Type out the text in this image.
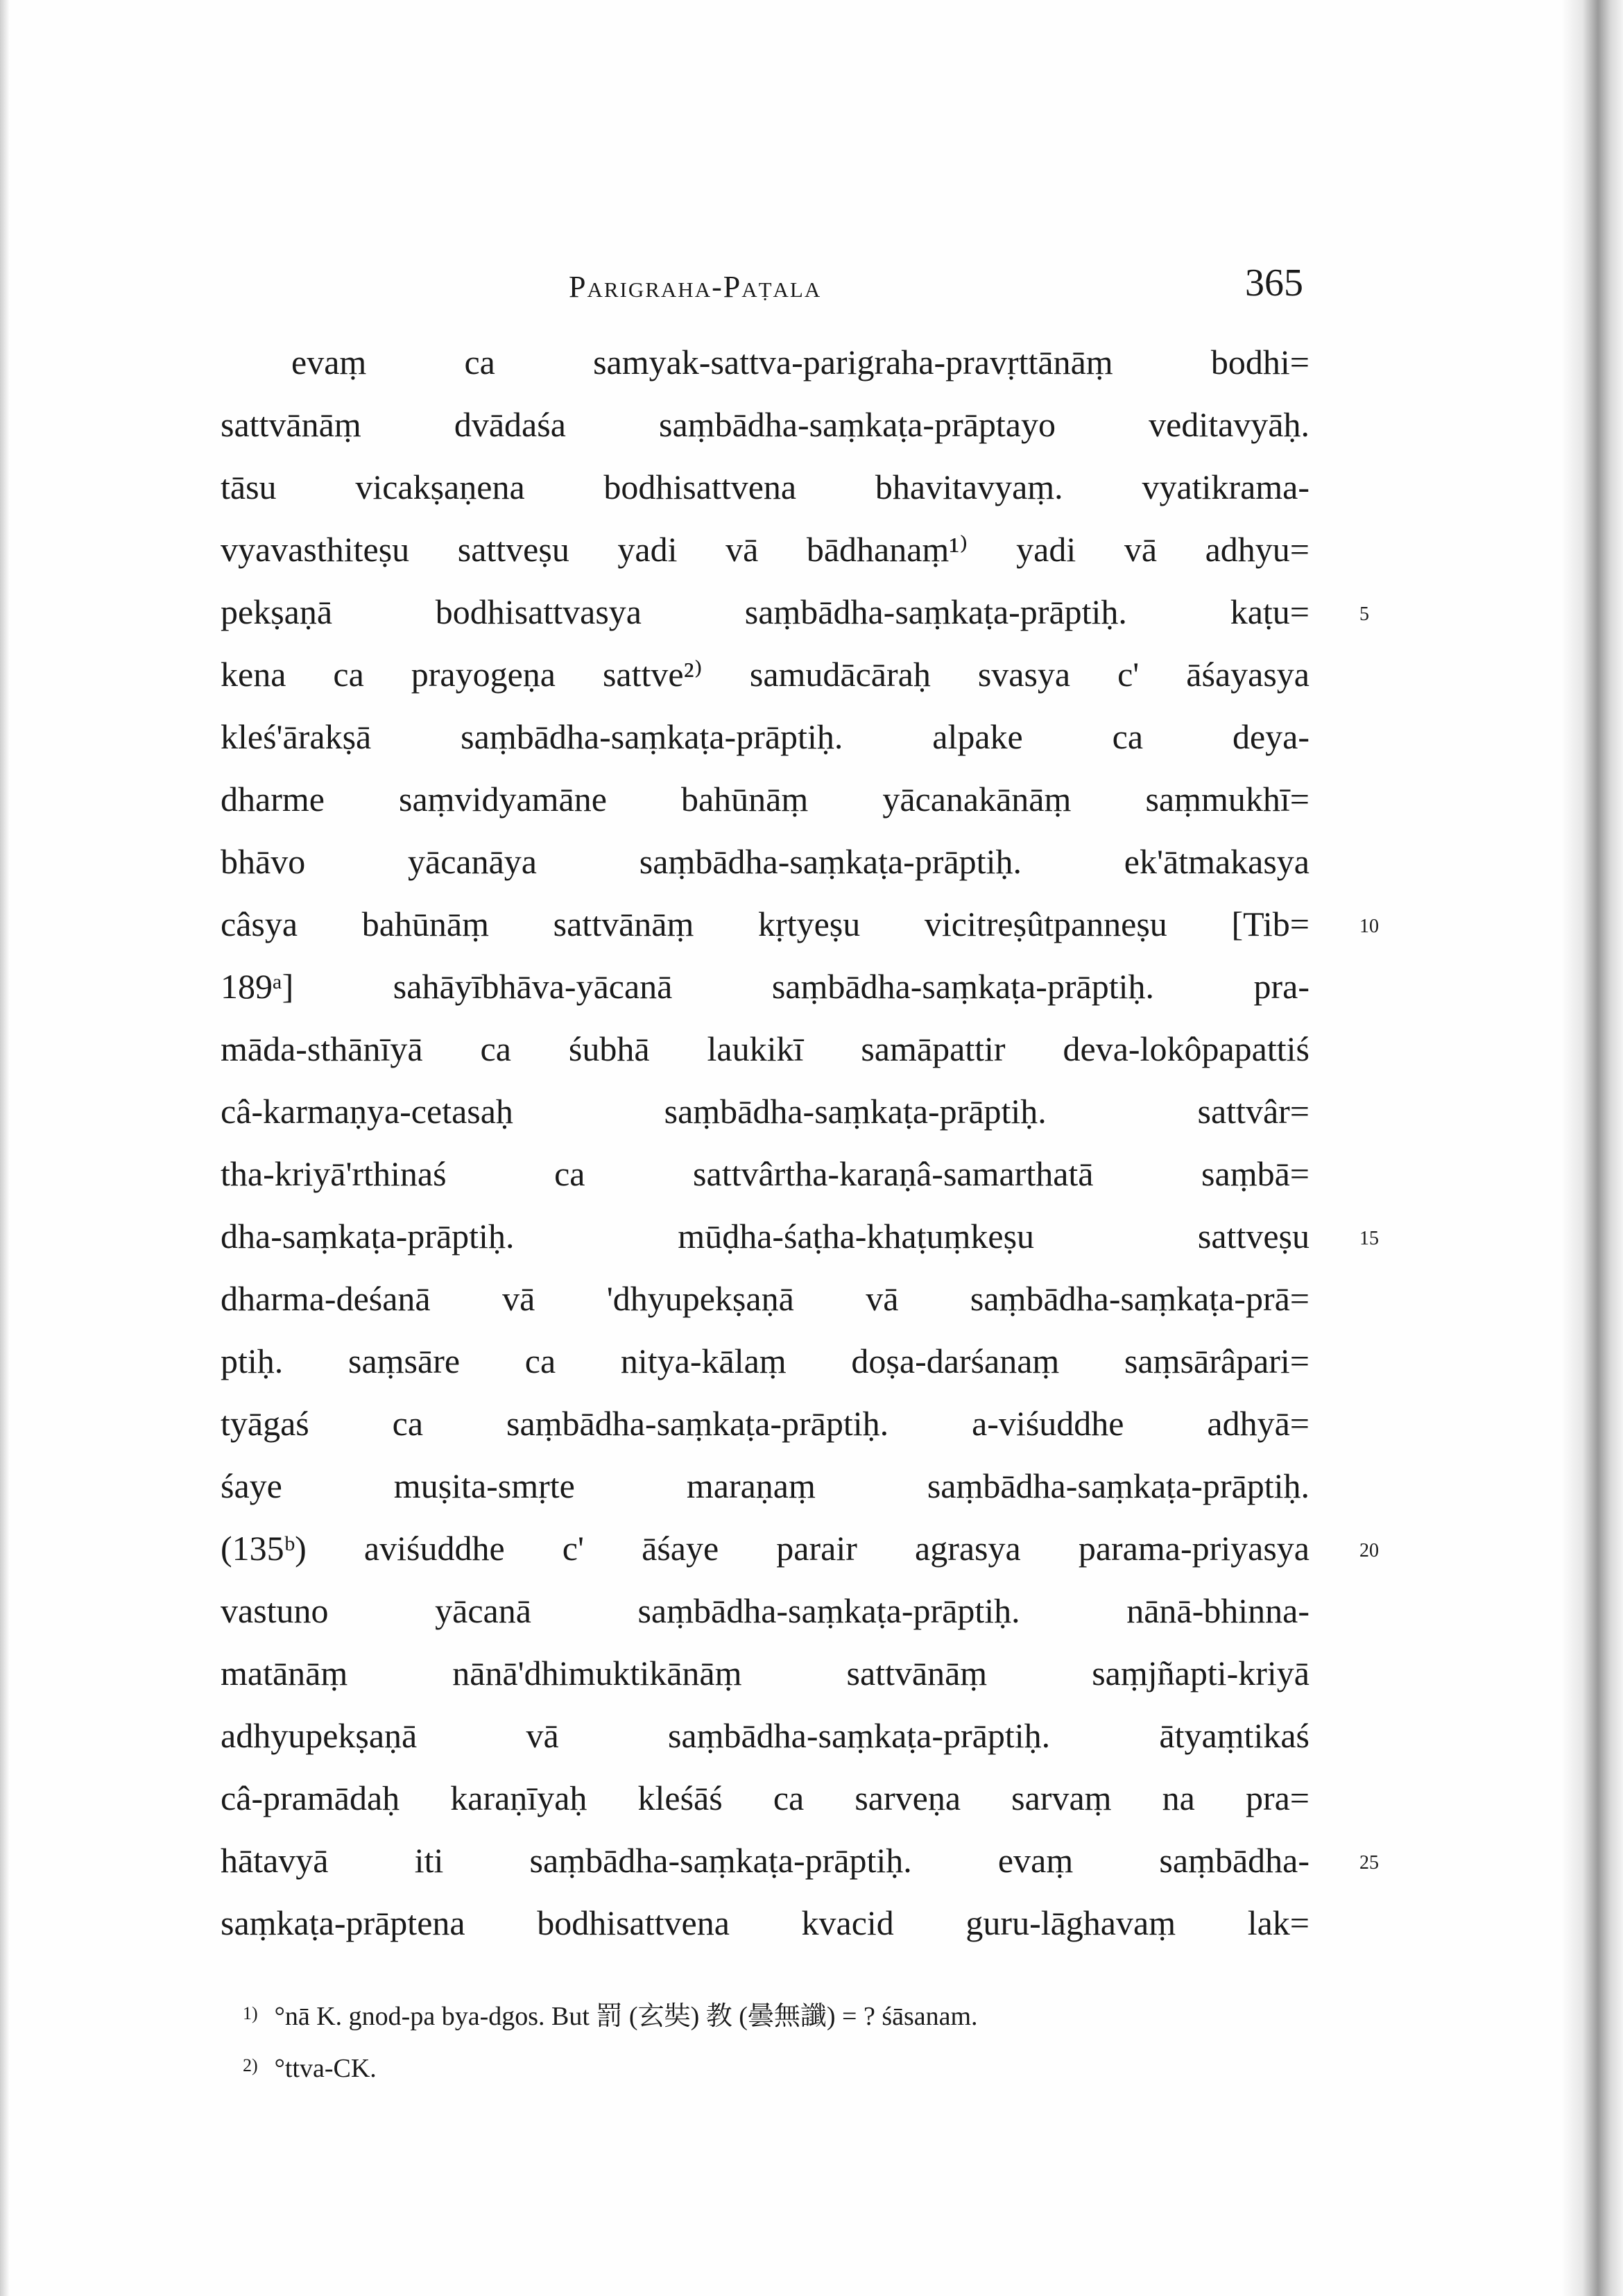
Parigraha-Paṭala	365
evaṃ ca samyak-sattva-parigraha-pravṛttānāṃ bodhi=
sattvānāṃ dvādaśa saṃbādha-saṃkaṭa-prāptayo veditavyāḥ.
tāsu vicakṣaṇena bodhisattvena bhavitavyaṃ. vyatikrama-
vyavasthiteṣu sattveṣu yadi vā bādhanaṃ¹⁾ yadi vā adhyu=
pekṣaṇā bodhisattvasya saṃbādha-saṃkaṭa-prāptiḥ. kaṭu=
kena ca prayogeṇa sattve²⁾ samudācāraḥ svasya c' āśayasya
kleś'ārakṣā saṃbādha-saṃkaṭa-prāptiḥ. alpake ca deya-
dharme saṃvidyamāne bahūnāṃ yācanakānāṃ saṃmukhī=
bhāvo yācanāya saṃbādha-saṃkaṭa-prāptiḥ. ek'ātmakasya
câsya bahūnāṃ sattvānāṃ kṛtyeṣu vicitreṣûtpanneṣu [Tib=
189ᵃ] sahāyībhāva-yācanā saṃbādha-saṃkaṭa-prāptiḥ. pra-
māda-sthānīyā ca śubhā laukikī samāpattir deva-lokôpapattiś
câ-karmaṇya-cetasaḥ saṃbādha-saṃkaṭa-prāptiḥ. sattvâr=
tha-kriyā'rthinaś ca sattvârtha-karaṇâ-samarthatā saṃbā=
dha-saṃkaṭa-prāptiḥ. mūḍha-śaṭha-khaṭuṃkeṣu sattveṣu
dharma-deśanā vā 'dhyupekṣaṇā vā saṃbādha-saṃkaṭa-prā=
ptiḥ. saṃsāre ca nitya-kālaṃ doṣa-darśanaṃ saṃsārâpari=
tyāgaś ca saṃbādha-saṃkaṭa-prāptiḥ. a-viśuddhe adhyā=
śaye muṣita-smṛte maraṇaṃ saṃbādha-saṃkaṭa-prāptiḥ.
(135ᵇ) aviśuddhe c' āśaye parair agrasya parama-priyasya
vastuno yācanā saṃbādha-saṃkaṭa-prāptiḥ. nānā-bhinna-
matānāṃ nānā'dhimuktikānāṃ sattvānāṃ saṃjñapti-kriyā
adhyupekṣaṇā vā saṃbādha-saṃkaṭa-prāptiḥ. ātyaṃtikaś
câ-pramādaḥ karaṇīyaḥ kleśāś ca sarveṇa sarvaṃ na pra=
hātavyā iti saṃbādha-saṃkaṭa-prāptiḥ. evaṃ saṃbādha-
saṃkaṭa-prāptena bodhisattvena kvacid guru-lāghavaṃ lak=
5
10
15
20
25
$^{1)}$ °nā K. gnod-pa bya-dgos. But 罰 (玄奘) 教 (曇無讖) = ? śāsanam.
$^{2)}$ °ttva-CK.
